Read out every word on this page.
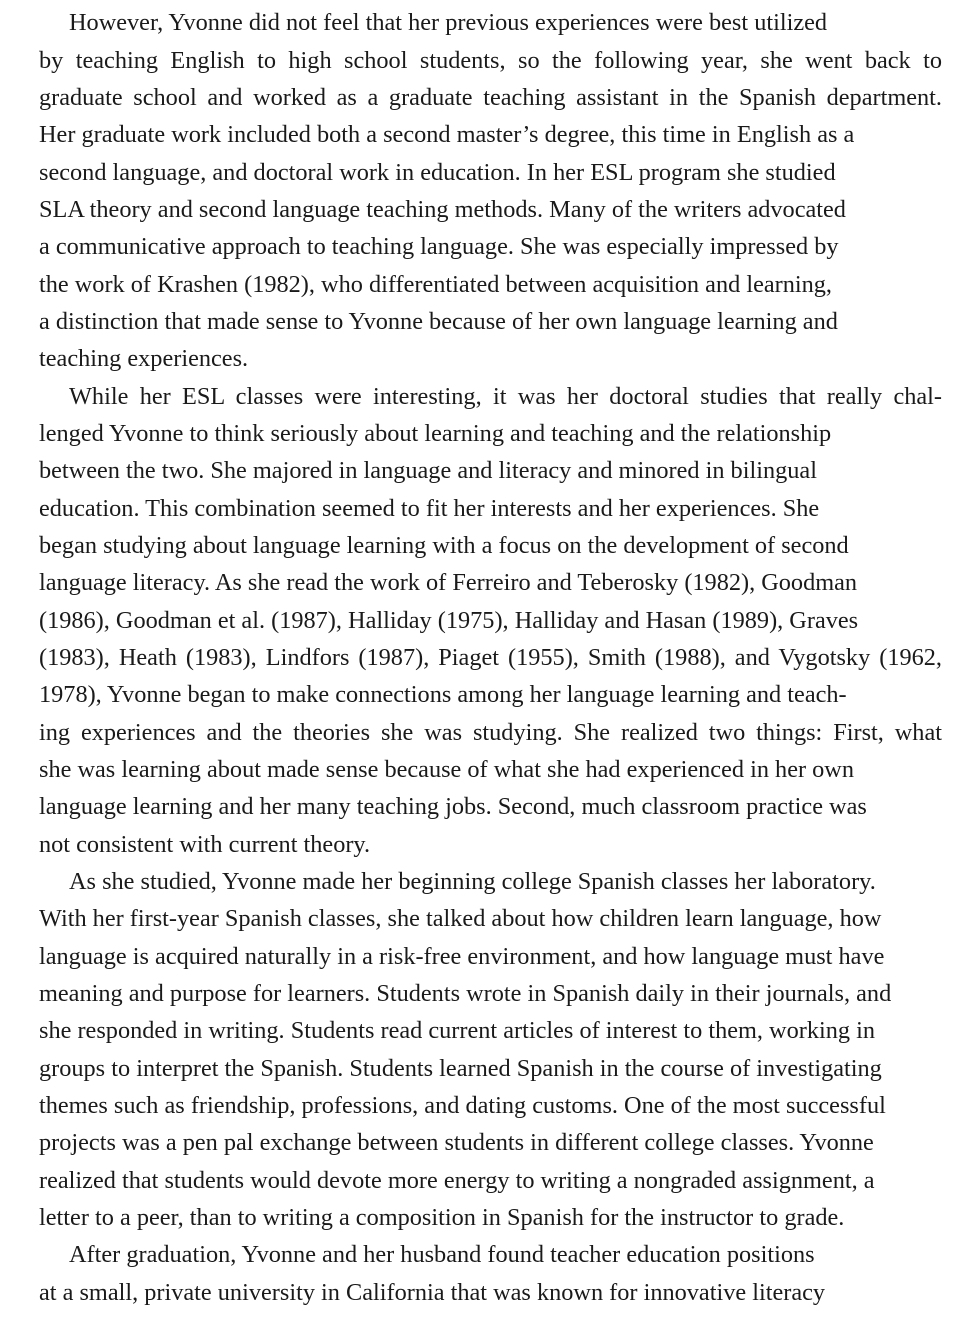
However, Yvonne did not feel that her previous experiences were best utilized
by teaching English to high school students, so the following year, she went back to
graduate school and worked as a graduate teaching assistant in the Spanish department.
Her graduate work included both a second master’s degree, this time in English as a
second language, and doctoral work in education. In her ESL program she studied
SLA theory and second language teaching methods. Many of the writers advocated
a communicative approach to teaching language. She was especially impressed by
the work of Krashen (1982), who differentiated between acquisition and learning,
a distinction that made sense to Yvonne because of her own language learning and
teaching experiences.
While her ESL classes were interesting, it was her doctoral studies that really chal-
lenged Yvonne to think seriously about learning and teaching and the relationship
between the two. She majored in language and literacy and minored in bilingual
education. This combination seemed to fit her interests and her experiences. She
began studying about language learning with a focus on the development of second
language literacy. As she read the work of Ferreiro and Teberosky (1982), Goodman
(1986), Goodman et al. (1987), Halliday (1975), Halliday and Hasan (1989), Graves
(1983), Heath (1983), Lindfors (1987), Piaget (1955), Smith (1988), and Vygotsky (1962,
1978), Yvonne began to make connections among her language learning and teach-
ing experiences and the theories she was studying. She realized two things: First, what
she was learning about made sense because of what she had experienced in her own
language learning and her many teaching jobs. Second, much classroom practice was
not consistent with current theory.
As she studied, Yvonne made her beginning college Spanish classes her laboratory.
With her first-year Spanish classes, she talked about how children learn language, how
language is acquired naturally in a risk-free environment, and how language must have
meaning and purpose for learners. Students wrote in Spanish daily in their journals, and
she responded in writing. Students read current articles of interest to them, working in
groups to interpret the Spanish. Students learned Spanish in the course of investigating
themes such as friendship, professions, and dating customs. One of the most successful
projects was a pen pal exchange between students in different college classes. Yvonne
realized that students would devote more energy to writing a nongraded assignment, a
letter to a peer, than to writing a composition in Spanish for the instructor to grade.
After graduation, Yvonne and her husband found teacher education positions
at a small, private university in California that was known for innovative literacy
